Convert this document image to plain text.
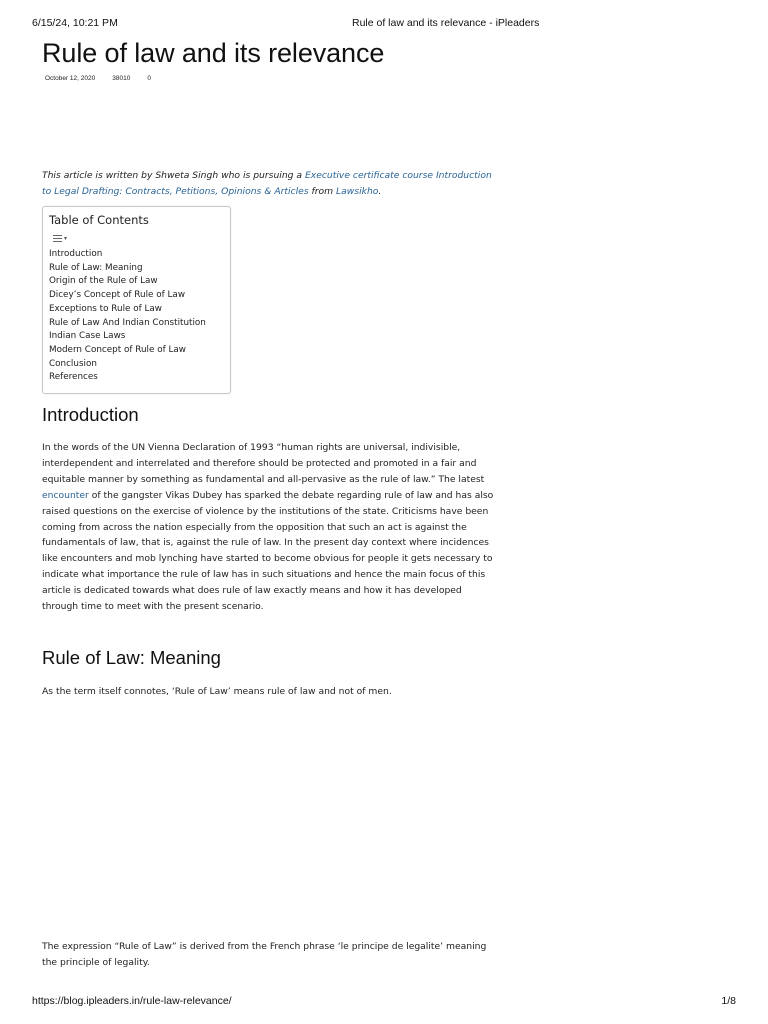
6/15/24, 10:21 PM	Rule of law and its relevance - iPleaders
Rule of law and its relevance
October 12, 2020	38010	0

This article is written by Shweta Singh who is pursuing a Executive certificate course Introduction to Legal Drafting: Contracts, Petitions, Opinions & Articles from Lawsikho.

Table of Contents
▾
Introduction
Rule of Law: Meaning
Origin of the Rule of Law
Dicey’s Concept of Rule of Law
Exceptions to Rule of Law
Rule of Law And Indian Constitution
Indian Case Laws
Modern Concept of Rule of Law
Conclusion
References
Introduction

In the words of the UN Vienna Declaration of 1993 “human rights are universal, indivisible, interdependent and interrelated and therefore should be protected and promoted in a fair and equitable manner by something as fundamental and all-pervasive as the rule of law.” The latest encounter of the gangster Vikas Dubey has sparked the debate regarding rule of law and has also raised questions on the exercise of violence by the institutions of the state. Criticisms have been coming from across the nation especially from the opposition that such an act is against the fundamentals of law, that is, against the rule of law. In the present day context where incidences like encounters and mob lynching have started to become obvious for people it gets necessary to indicate what importance the rule of law has in such situations and hence the main focus of this article is dedicated towards what does rule of law exactly means and how it has developed through time to meet with the present scenario.

Rule of Law: Meaning

As the term itself connotes, ‘Rule of Law’ means rule of law and not of men.

The expression “Rule of Law” is derived from the French phrase ‘le principe de legalite’ meaning the principle of legality.

https://blog.ipleaders.in/rule-law-relevance/	1/8
